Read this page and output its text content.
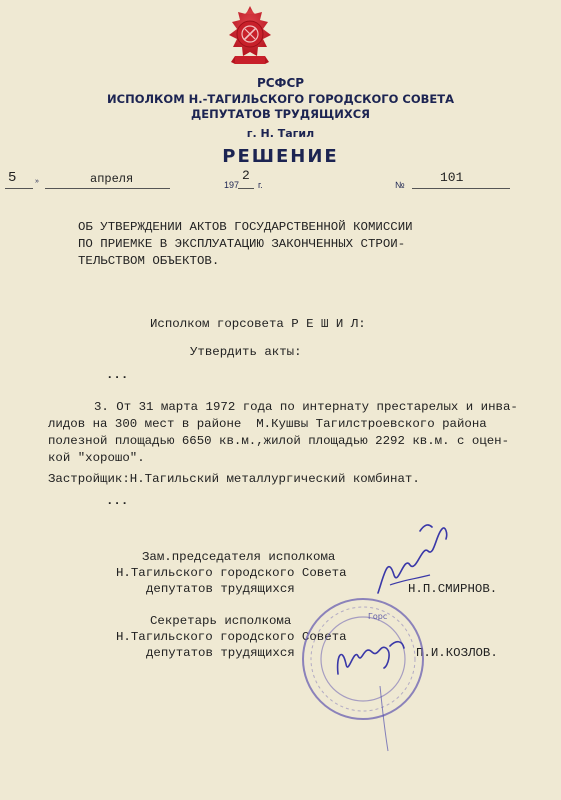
РСФСР
ИСПОЛКОМ Н.-ТАГИЛЬСКОГО ГОРОДСКОГО СОВЕТА
ДЕПУТАТОВ ТРУДЯЩИХСЯ
г. Н. Тагил
РЕШЕНИЕ
5	»	апреля	197
2
г.	№	101
ОБ УТВЕРЖДЕНИИ АКТОВ ГОСУДАРСТВЕННОЙ КОМИССИИ
ПО ПРИЕМКЕ В ЭКСПЛУАТАЦИЮ ЗАКОНЧЕННЫХ СТРОИ-
ТЕЛЬСТВОМ ОБЪЕКТОВ.
Исполком горсовета Р Е Ш И Л:
Утвердить акты:
...
3. От 31 марта 1972 года по интернату престарелых и инва-
лидов на 300 мест в районе  М.Кушвы Тагилстроевского района
полезной площадью 6650 кв.м.,жилой площадью 2292 кв.м. с оцен-
кой "хорошо".
Застройщик:Н.Тагильский металлургический комбинат.
...
Зам.председателя исполкома
Н.Тагильского городского Совета
депутатов трудящихся	Н.П.СМИРНОВ.
Секретарь исполкома
Н.Тагильского городского Совета
депутатов трудящихся	П.И.КОЗЛОВ.
Горс
